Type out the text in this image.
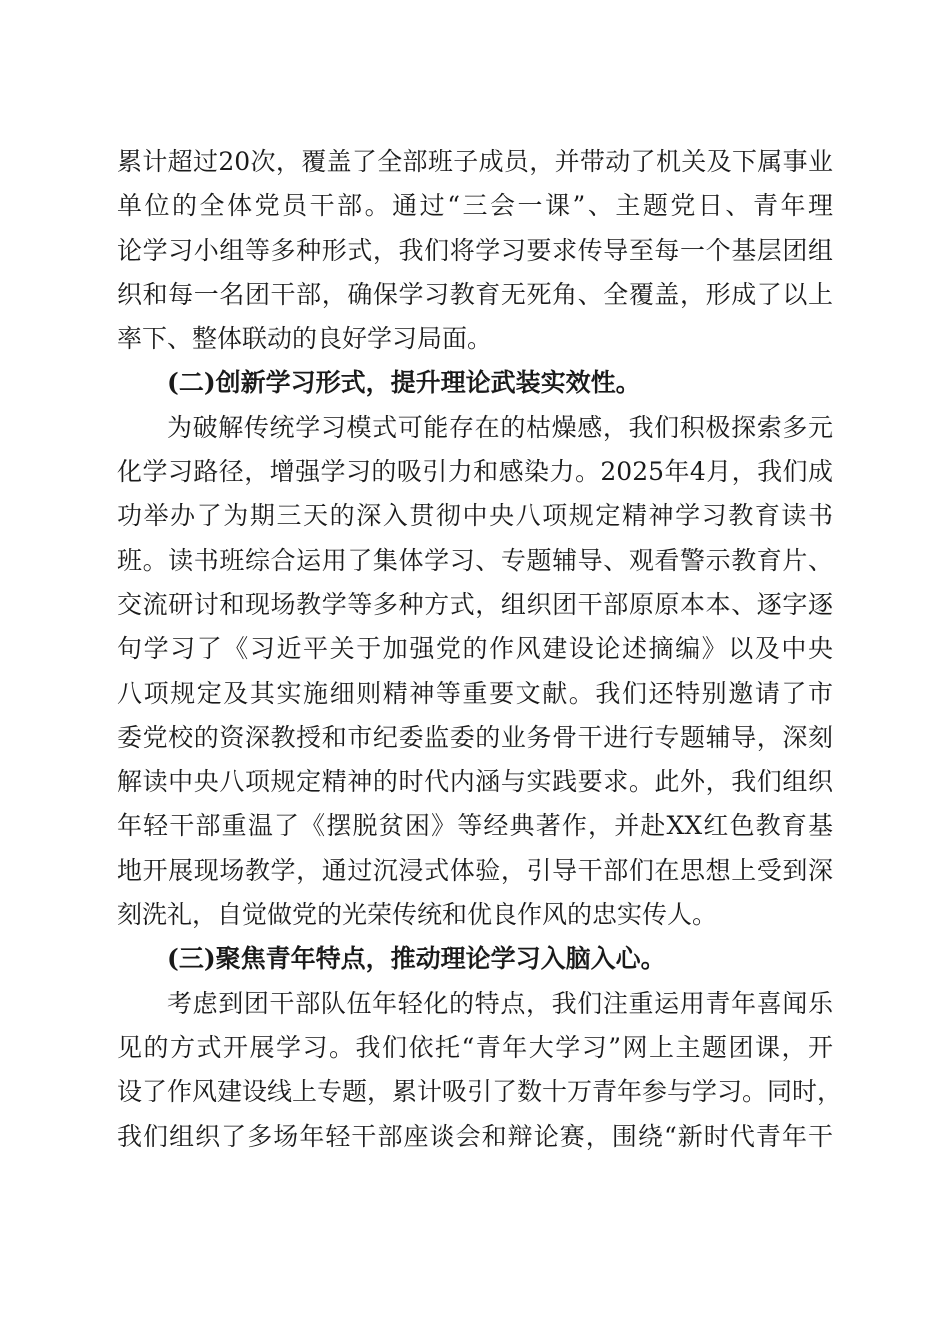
累计超过20次，覆盖了全部班子成员，并带动了机关及下属事业
单位的全体党员干部。通过“三会一课”、主题党日、青年理
论学习小组等多种形式，我们将学习要求传导至每一个基层团组
织和每一名团干部，确保学习教育无死角、全覆盖，形成了以上
率下、整体联动的良好学习局面。
(二)创新学习形式，提升理论武装实效性。
为破解传统学习模式可能存在的枯燥感，我们积极探索多元
化学习路径，增强学习的吸引力和感染力。2025年4月，我们成
功举办了为期三天的深入贯彻中央八项规定精神学习教育读书
班。读书班综合运用了集体学习、专题辅导、观看警示教育片、
交流研讨和现场教学等多种方式，组织团干部原原本本、逐字逐
句学习了《习近平关于加强党的作风建设论述摘编》以及中央
八项规定及其实施细则精神等重要文献。我们还特别邀请了市
委党校的资深教授和市纪委监委的业务骨干进行专题辅导，深刻
解读中央八项规定精神的时代内涵与实践要求。此外，我们组织
年轻干部重温了《摆脱贫困》等经典著作，并赴XX红色教育基
地开展现场教学，通过沉浸式体验，引导干部们在思想上受到深
刻洗礼，自觉做党的光荣传统和优良作风的忠实传人。
(三)聚焦青年特点，推动理论学习入脑入心。
考虑到团干部队伍年轻化的特点，我们注重运用青年喜闻乐
见的方式开展学习。我们依托“青年大学习”网上主题团课，开
设了作风建设线上专题，累计吸引了数十万青年参与学习。同时，
我们组织了多场年轻干部座谈会和辩论赛，围绕“新时代青年干
